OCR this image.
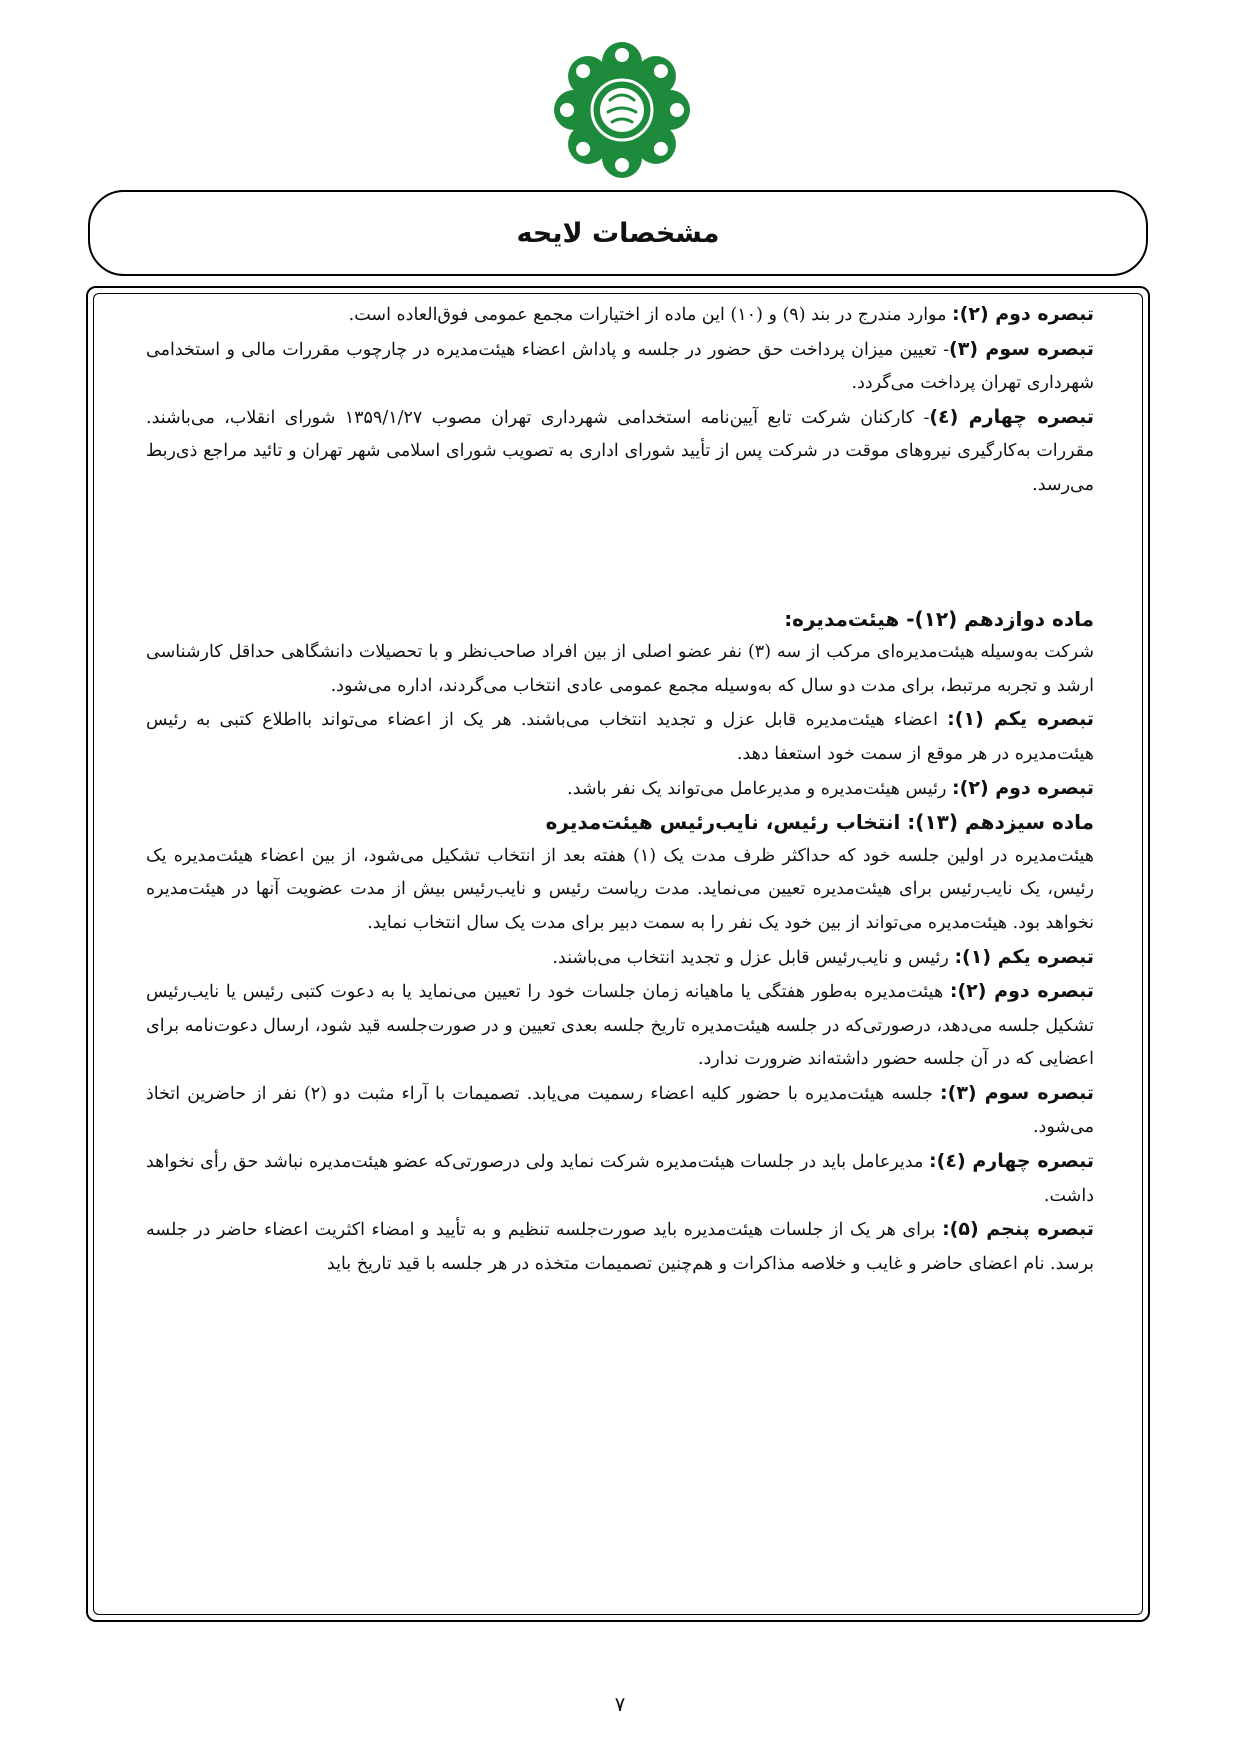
مشخصات لایحه

تبصره دوم (۲): موارد مندرج در بند (۹) و (۱۰) این ماده از اختیارات مجمع عمومی فوق‌العاده است.

تبصره سوم (۳)- تعیین میزان پرداخت حق حضور در جلسه و پاداش اعضاء هیئت‌مدیره در چارچوب مقررات مالی و استخدامی شهرداری تهران پرداخت می‌گردد.

تبصره چهارم (٤)- کارکنان شرکت تابع آیین‌نامه استخدامی شهرداری تهران مصوب ۱۳۵۹/۱/۲۷ شورای انقلاب، می‌باشند. مقررات به‌کارگیری نیروهای موقت در شرکت پس از تأیید شورای اداری به تصویب شورای اسلامی شهر تهران و تائید مراجع ذی‌ربط می‌رسد.

ماده دوازدهم (۱۲)- هیئت‌مدیره:

شرکت به‌وسیله هیئت‌مدیره‌ای مرکب از سه (۳) نفر عضو اصلی از بین افراد صاحب‌نظر و با تحصیلات دانشگاهی حداقل کارشناسی ارشد و تجربه مرتبط، برای مدت دو سال که به‌وسیله مجمع عمومی عادی انتخاب می‌گردند، اداره می‌شود.

تبصره یکم (۱): اعضاء هیئت‌مدیره قابل عزل و تجدید انتخاب می‌باشند. هر یک از اعضاء می‌تواند بااطلاع کتبی به رئیس هیئت‌مدیره در هر موقع از سمت خود استعفا دهد.

تبصره دوم (۲): رئیس هیئت‌مدیره و مدیرعامل می‌تواند یک نفر باشد.

ماده سیزدهم (۱۳): انتخاب رئیس، نایب‌رئیس هیئت‌مدیره

هیئت‌مدیره در اولین جلسه خود که حداکثر ظرف مدت یک (۱) هفته بعد از انتخاب تشکیل می‌شود، از بین اعضاء هیئت‌مدیره یک رئیس، یک نایب‌رئیس برای هیئت‌مدیره تعیین می‌نماید. مدت ریاست رئیس و نایب‌رئیس بیش از مدت عضویت آنها در هیئت‌مدیره نخواهد بود. هیئت‌مدیره می‌تواند از بین خود یک نفر را به سمت دبیر برای مدت یک سال انتخاب نماید.

تبصره یکم (۱): رئیس و نایب‌رئیس قابل عزل و تجدید انتخاب می‌باشند.

تبصره دوم (۲): هیئت‌مدیره به‌طور هفتگی یا ماهیانه زمان جلسات خود را تعیین می‌نماید یا به دعوت کتبی رئیس یا نایب‌رئیس تشکیل جلسه می‌دهد، درصورتی‌که در جلسه هیئت‌مدیره تاریخ جلسه بعدی تعیین و در صورت‌جلسه قید شود، ارسال دعوت‌نامه برای اعضایی که در آن جلسه حضور داشته‌اند ضرورت ندارد.

تبصره سوم (۳): جلسه هیئت‌مدیره با حضور کلیه اعضاء رسمیت می‌یابد. تصمیمات با آراء مثبت دو (۲) نفر از حاضرین اتخاذ می‌شود.

تبصره چهارم (٤): مدیرعامل باید در جلسات هیئت‌مدیره شرکت نماید ولی درصورتی‌که عضو هیئت‌مدیره نباشد حق رأی نخواهد داشت.

تبصره پنجم (۵): برای هر یک از جلسات هیئت‌مدیره باید صورت‌جلسه تنظیم و به تأیید و امضاء اکثریت اعضاء حاضر در جلسه برسد. نام اعضای حاضر و غایب و خلاصه مذاکرات و هم‌چنین تصمیمات متخذه در هر جلسه با قید تاریخ باید

۷
